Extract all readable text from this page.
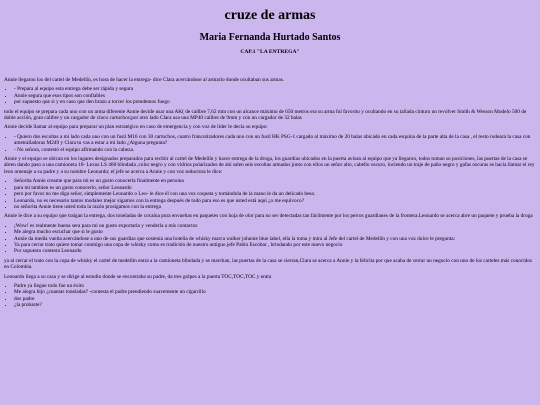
cruze de armas
Maria Fernanda Hurtado Santos
CAP.1 "LA ENTREGA"

Annie llegaron los del cartel de Medellín, es hora de hacer la entrega- dice Clara acercándose al armario donde ocultaban sus armas.

• - Prepara al equipo esta entrega debe ser rápida y segura
• Annie segura que esos tipos son confiables
• por supuesto que si y en caso que den brazo a torcer los prendemos fuego

todo el equipo se prepara cada uno con un arma diferente Annie decide usar una AK( de calibre 7,62 mm con un alcance máximo de 650 metros era su arma ful favorito y ocultando en su tallada cinturu un revólver Smith & Wesson Modelo 500 de doble acción, gran calibre y un cargador de cinco cartuchos;por otro lado Clara usa una MP40 calibre de 9mm y con un cargador de 32 balas

Annie decide llamar al equipo para preparar un plan estratégico en caso de emergencia y con voz de líder le decía su equipo:

• - Quiero dos escoltas a mi lado cada uno con un fusil M16 con 30 cartuchos, cuatro francotiradores cada uno con un fusil HK PSG-1 cargado al máximo de 20 balas ubicado en cada esquina de la parte alta de la casa , el resto rodeara la casa con ametralladoras M249 y Clara tu vas a estar a mi lado ¿Alguna pregunta?
• - No señora, contestó el equipo afirmando con la cabeza.

Annie y el equipo se ubican en los lugares designados preparados para recibir al cartel de Medellín y hacer entrega de la droga, los guardias ubicados en la puerta avisan al equipo que ya llegaron, todos toman su posiciones, las puertas de la casa se abren dando paso a una camioneta 10- Lexus LS 460 blindada ,color negro y con vidrios polarizados de ahí salen seis escoltas armados junto con ellos un señor alto, cabello oscuro, luciendo un traje de paño negro y gafas oscuras se hacia llamar el rey leon omenaje a su padre y a su nombre Leonardo; el jefe se acerca a Annie y con voz seductora le dice:

• Señorita Annie creame que para mi es un gusto conocerla finalmente en persona
• para mi tambien es un gusto conocerlo, señor Leonardo
• pero por favor no me diga señor, simplemente Leonardo o Leo- le dice él con una voz coqueta y tomándola de la mano le da un delicado beso.
• Leonardo, no es necesario tantos modales mejor sigamos con la entrega después de todo para eso es que usted está aquí ¿o me equivoco?
• no señorita Annie tiene usted toda la razón prosigamos con la entrega

Annie le dice a su equipo que traigan la entrega, dos toneladas de cocaína pura envueltas en paquetes con hoja de olor para no ser detectadas tan fácilmente por los perros guardianes de la frontera.Leonardo se acerca abre un paquete y prueba la droga

• ¡Wow! es realmente buena sera para mi un gusto exportarla y venderla a mis contactos
• Me alegra mucho escuchar que si le gusto
• Annie da media vuelta acercándose a uno de sus guardias que sostenía una botella de whisky marca walker johnnie blue label, ella la toma y mira al Jefe del cartel de Medellín y con una voz dulce le pregunta:
• Ya para cerrar trato quiere tomar conmigo una copa de whisky como es tradición de nuestro antiguo jefe Pablo Escobar , brindando por este nuevo negocio
• Por supuesto contesta Leonardo

ya al cerrar el trato con la copa de whisky el cartel de medellín entra a la camioneta blindada y se marchan, las puertas de la casa se cierran,Clara se acerca a Annie y la felicita por que acaba de cerrar un negocio con uno de los carteles más conocidos en Colombia.

Leonardo llega a su casa y se dirige al estudio donde se encontraba su padre, da tres golpes a la puerta TOC,TOC,TOC y entra

• Padre ya llegue todo fue un éxito
• Me alegra hijo ¿cuantas toneladas? -contesta el padre prendiendo suavemente un cigarrillo
• dos padre
• ¿la probaste?
